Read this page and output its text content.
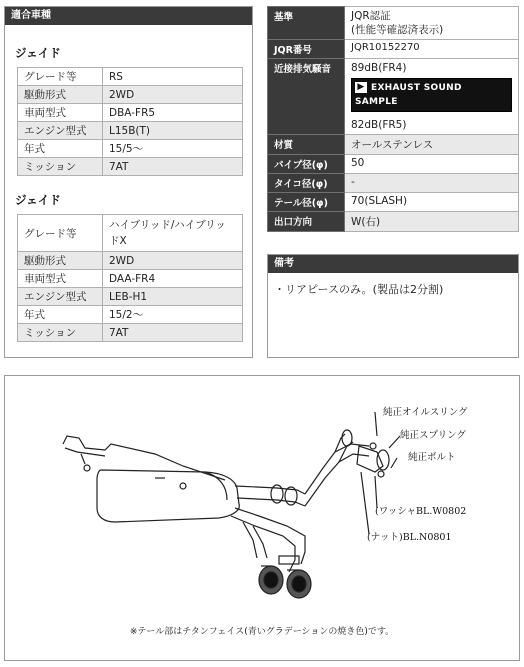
適合車種
ジェイド
グレード等	RS
駆動形式	2WD
車両型式	DBA-FR5
エンジン型式	L15B(T)
年式	15/5～
ミッション	7AT
ジェイド
グレード等	ハイブリッド/ハイブリッドX
駆動形式	2WD
車両型式	DAA-FR4
エンジン型式	LEB-H1
年式	15/2～
ミッション	7AT
基準	JQR認証
(性能等確認済表示)

JQR番号	JQR10152270
近接排気騒音	89dB(FR4)
▶ EXHAUST SOUND SAMPLE
82dB(FR5)

材質	オールステンレス
パイプ径(φ)	50
タイコ径(φ)	-
テール径(φ)	70(SLASH)
出口方向	W(右)
備考
・リアピースのみ。(製品は2分割)
純正オイルスリング
純正スプリング
純正ボルト
(ワッシャBL.W0802
(ナット)BL.N0801
※テール部はチタンフェイス(青いグラデーションの焼き色)です。
